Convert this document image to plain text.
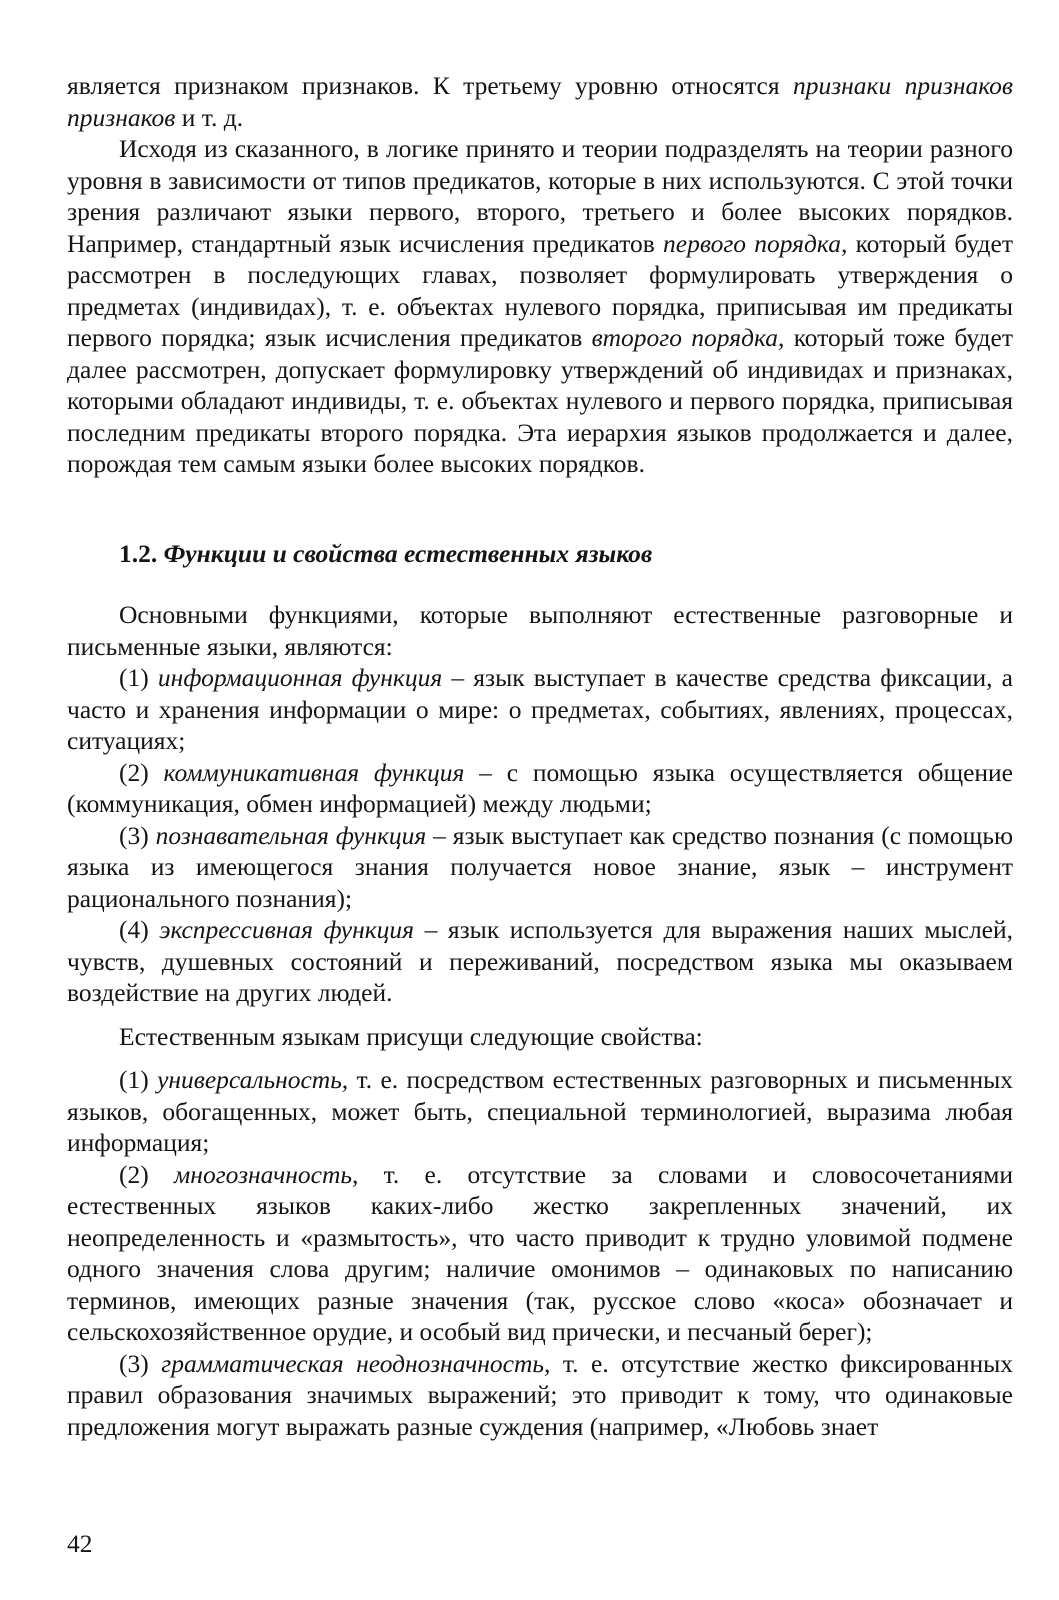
является признаком признаков. К третьему уровню относятся признаки признаков признаков и т. д.

Исходя из сказанного, в логике принято и теории подразделять на теории разного уровня в зависимости от типов предикатов, которые в них используются. С этой точки зрения различают языки первого, второго, третьего и более высоких порядков. Например, стандартный язык исчисления предикатов первого порядка, который будет рассмотрен в последующих главах, позволяет формулировать утверждения о предметах (индивидах), т. е. объектах нулевого порядка, приписывая им предикаты первого порядка; язык исчисления предикатов второго порядка, который тоже будет далее рассмотрен, допускает формулировку утверждений об индивидах и признаках, которыми обладают индивиды, т. е. объектах нулевого и первого порядка, приписывая последним предикаты второго порядка. Эта иерархия языков продолжается и далее, порождая тем самым языки более высоких порядков.

1.2. Функции и свойства естественных языков

Основными функциями, которые выполняют естественные разговорные и письменные языки, являются:

(1) информационная функция – язык выступает в качестве средства фиксации, а часто и хранения информации о мире: о предметах, событиях, явлениях, процессах, ситуациях;

(2) коммуникативная функция – с помощью языка осуществляется общение (коммуникация, обмен информацией) между людьми;

(3) познавательная функция – язык выступает как средство познания (с помощью языка из имеющегося знания получается новое знание, язык – инструмент рационального познания);

(4) экспрессивная функция – язык используется для выражения наших мыслей, чувств, душевных состояний и переживаний, посредством языка мы оказываем воздействие на других людей.

Естественным языкам присущи следующие свойства:

(1) универсальность, т. е. посредством естественных разговорных и письменных языков, обогащенных, может быть, специальной терминологией, выразима любая информация;

(2) многозначность, т. е. отсутствие за словами и словосочетаниями естественных языков каких-либо жестко закрепленных значений, их неопределенность и «размытость», что часто приводит к трудно уловимой подмене одного значения слова другим; наличие омонимов – одинаковых по написанию терминов, имеющих разные значения (так, русское слово «коса» обозначает и сельскохозяйственное орудие, и особый вид прически, и песчаный берег);

(3) грамматическая неоднозначность, т. е. отсутствие жестко фиксированных правил образования значимых выражений; это приводит к тому, что одинаковые предложения могут выражать разные суждения (например, «Любовь знает

42
